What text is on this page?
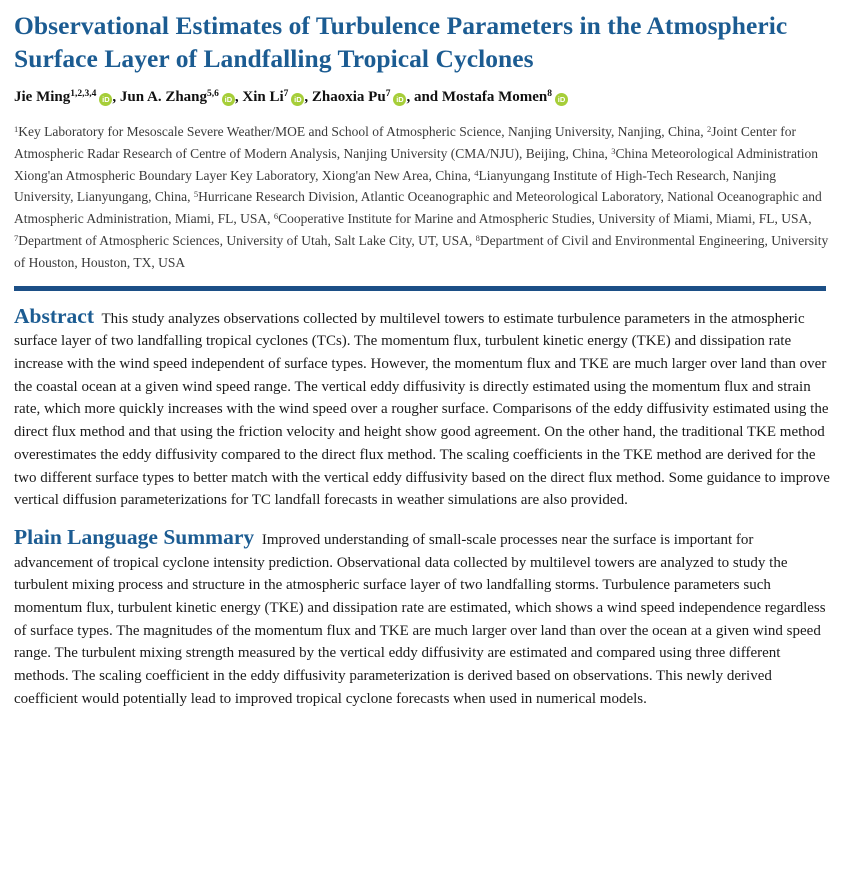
Observational Estimates of Turbulence Parameters in the Atmospheric Surface Layer of Landfalling Tropical Cyclones
Jie Ming$^{1,2,3,4}$iD , Jun A. Zhang$^{5,6}$iD , Xin Li$^7$iD , Zhaoxia Pu$^7$iD , and Mostafa Momen$^8$iD
$^1$Key Laboratory for Mesoscale Severe Weather/MOE and School of Atmospheric Science, Nanjing University, Nanjing, China, $^2$Joint Center for Atmospheric Radar Research of Centre of Modern Analysis, Nanjing University (CMA/NJU), Beijing, China, $^3$China Meteorological Administration Xiong'an Atmospheric Boundary Layer Key Laboratory, Xiong'an New Area, China, $^4$Lianyungang Institute of High-Tech Research, Nanjing University, Lianyungang, China, $^5$Hurricane Research Division, Atlantic Oceanographic and Meteorological Laboratory, National Oceanographic and Atmospheric Administration, Miami, FL, USA, $^6$Cooperative Institute for Marine and Atmospheric Studies, University of Miami, Miami, FL, USA, $^7$Department of Atmospheric Sciences, University of Utah, Salt Lake City, UT, USA, $^8$Department of Civil and Environmental Engineering, University of Houston, Houston, TX, USA
Abstract This study analyzes observations collected by multilevel towers to estimate turbulence parameters in the atmospheric surface layer of two landfalling tropical cyclones (TCs). The momentum flux, turbulent kinetic energy (TKE) and dissipation rate increase with the wind speed independent of surface types. However, the momentum flux and TKE are much larger over land than over the coastal ocean at a given wind speed range. The vertical eddy diffusivity is directly estimated using the momentum flux and strain rate, which more quickly increases with the wind speed over a rougher surface. Comparisons of the eddy diffusivity estimated using the direct flux method and that using the friction velocity and height show good agreement. On the other hand, the traditional TKE method overestimates the eddy diffusivity compared to the direct flux method. The scaling coefficients in the TKE method are derived for the two different surface types to better match with the vertical eddy diffusivity based on the direct flux method. Some guidance to improve vertical diffusion parameterizations for TC landfall forecasts in weather simulations are also provided.
Plain Language Summary Improved understanding of small-scale processes near the surface is important for advancement of tropical cyclone intensity prediction. Observational data collected by multilevel towers are analyzed to study the turbulent mixing process and structure in the atmospheric surface layer of two landfalling storms. Turbulence parameters such momentum flux, turbulent kinetic energy (TKE) and dissipation rate are estimated, which shows a wind speed independence regardless of surface types. The magnitudes of the momentum flux and TKE are much larger over land than over the ocean at a given wind speed range. The turbulent mixing strength measured by the vertical eddy diffusivity are estimated and compared using three different methods. The scaling coefficient in the eddy diffusivity parameterization is derived based on observations. This newly derived coefficient would potentially lead to improved tropical cyclone forecasts when used in numerical models.
